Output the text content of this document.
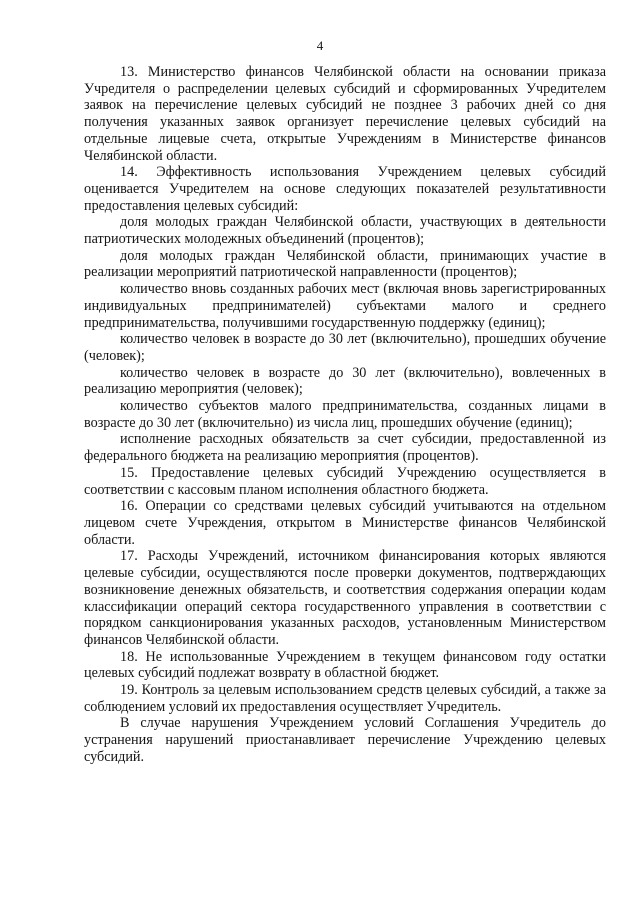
4

13. Министерство финансов Челябинской области на основании приказа Учредителя о распределении целевых субсидий и сформированных Учредителем заявок на перечисление целевых субсидий не позднее 3 рабочих дней со дня получения указанных заявок организует перечисление целевых субсидий на отдельные лицевые счета, открытые Учреждениям в Министерстве финансов Челябинской области.

14. Эффективность использования Учреждением целевых субсидий оценивается Учредителем на основе следующих показателей результативности предоставления целевых субсидий:

доля молодых граждан Челябинской области, участвующих в деятельности патриотических молодежных объединений (процентов);

доля молодых граждан Челябинской области, принимающих участие в реализации мероприятий патриотической направленности (процентов);

количество вновь созданных рабочих мест (включая вновь зарегистрированных индивидуальных предпринимателей) субъектами малого и среднего предпринимательства, получившими государственную поддержку (единиц);

количество человек в возрасте до 30 лет (включительно), прошедших обучение (человек);

количество человек в возрасте до 30 лет (включительно), вовлеченных в реализацию мероприятия (человек);

количество субъектов малого предпринимательства, созданных лицами в возрасте до 30 лет (включительно) из числа лиц, прошедших обучение (единиц);

исполнение расходных обязательств за счет субсидии, предоставленной из федерального бюджета на реализацию мероприятия (процентов).

15. Предоставление целевых субсидий Учреждению осуществляется в соответствии с кассовым планом исполнения областного бюджета.

16. Операции со средствами целевых субсидий учитываются на отдельном лицевом счете Учреждения, открытом в Министерстве финансов Челябинской области.

17. Расходы Учреждений, источником финансирования которых являются целевые субсидии, осуществляются после проверки документов, подтверждающих возникновение денежных обязательств, и соответствия содержания операции кодам классификации операций сектора государственного управления в соответствии с порядком санкционирования указанных расходов, установленным Министерством финансов Челябинской области.

18. Не использованные Учреждением в текущем финансовом году остатки целевых субсидий подлежат возврату в областной бюджет.

19. Контроль за целевым использованием средств целевых субсидий, а также за соблюдением условий их предоставления осуществляет Учредитель.

В случае нарушения Учреждением условий Соглашения Учредитель до устранения нарушений приостанавливает перечисление Учреждению целевых субсидий.
